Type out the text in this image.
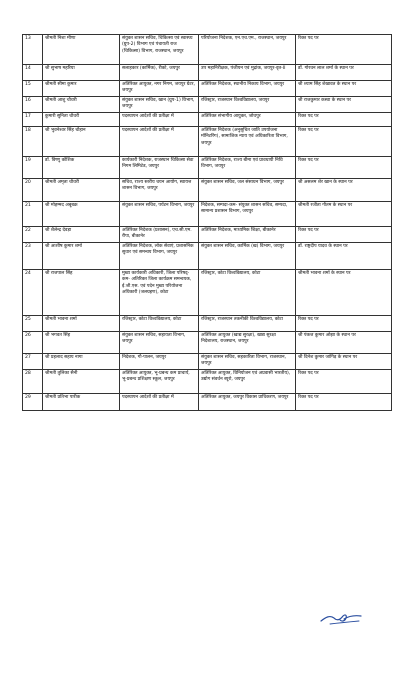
13	श्रीमती निशा मीणा	संयुक्त शासन सचिव, चिकित्सा एवं स्वास्थ्य (ग्रुप-2) विभाग एवं पंचायती राज (चिकित्सा) विभाग, राजस्थान, जयपुर	परियोजना निदेशक, एन.एच.एम., राजस्थान, जयपुर	रिक्त पद पर
14	श्री सुभाष महरिया	सलाहकार (कार्मिक), रीको, जयपुर	उप महानिरीक्षक, पंजीयन एवं मुद्रांक, जयपुर-वृत-II	डॉ. गोरधन लाल शर्मा के स्थान पर
15	श्रीमती सीमा कुमार	अतिरिक्त आयुक्त, नगर निगम, जयपुर ग्रेटर, जयपुर	अतिरिक्त निदेशक, स्थानीय निकाय विभाग, जयपुर	श्री श्याम सिंह शेखावत के स्थान पर
16	श्रीमती आशु चौधरी	संयुक्त शासन सचिव, खान (ग्रुप-1) विभाग, जयपुर	रजिस्ट्रार, राजस्थान विश्वविद्यालय, जयपुर	श्री राजकुमार कस्वा के स्थान पर
17	कुमारी सुनिता चौधरी	पदस्थापन आदेशों की प्रतीक्षा में	अतिरिक्त संभागीय आयुक्त, जोधपुर	रिक्त पद पर
18	श्री भुवनेश्वर सिंह चौहान	पदस्थापन आदेशों की प्रतीक्षा में	अतिरिक्त निदेशक (अनुसूचित जाति उपयोजना मॉनिटरिंग), सामाजिक न्याय एवं अधिकारिता विभाग, जयपुर	रिक्त पद पर
19	डॉ. विष्णु कौशिक	कार्यकारी निदेशक, राजस्थान चिकित्सा सेवा निगम लिमिटेड, जयपुर	अतिरिक्त निदेशक, राज्य बीमा एवं प्रावधायी निधि विभाग, जयपुर	रिक्त पद पर
20	श्रीमती अमृता चौधरी	सचिव, राज्य स्तरीय चयन आयोग, स्वायत्त शासन विभाग, जयपुर	संयुक्त शासन सचिव, जल संसाधन विभाग, जयपुर	श्री असलम शेर खान के स्थान पर
21	श्री मोहम्मद अबूबक्र	संयुक्त शासन सचिव, पर्यटन विभाग, जयपुर	निदेशक, सम्पदा-कम- संयुक्त शासन सचिव, सम्पदा, सामान्य प्रशासन विभाग, जयपुर	श्रीमती रजीता गौतम के स्थान पर
22	श्री शैलेन्द्र देवड़ा	अतिरिक्त निदेशक (प्रशासन), एच.सी.एम. रीपा, बीकानेर	अतिरिक्त निदेशक, माध्यमिक शिक्षा, बीकानेर	रिक्त पद पर
23	श्री आशीष कुमार शर्मा	अतिरिक्त निदेशक, लोक सेवाएं, प्रशासनिक सुधार एवं समन्वय विभाग, जयपुर	संयुक्त शासन सचिव, कार्मिक (ख) विभाग, जयपुर	डॉ. राष्ट्रदीप यादव के स्थान पर
24	श्री राजपाल सिंह	मुख्य कार्यकारी अधिकारी, जिला परिषद्-कम- अतिरिक्त जिला कार्यक्रम समन्वयक, ई.जी.एस. एवं पदेन मुख्य परियोजना अधिकारी (जलग्रहण), कोटा	रजिस्ट्रार, कोटा विश्वविद्यालय, कोटा	श्रीमती भावना शर्मा के स्थान पर
25	श्रीमती भावना शर्मा	रजिस्ट्रार, कोटा विश्वविद्यालय, कोटा	रजिस्ट्रार, राजस्थान तकनीकी विश्वविद्यालय, कोटा	रिक्त पद पर
26	श्री भगवत सिंह	संयुक्त शासन सचिव, सहायता विभाग, जयपुर	अतिरिक्त आयुक्त (खाद्य सुरक्षा), खाद्य सुरक्षा निदेशालय, राजस्थान, जयपुर	श्री पंकज कुमार ओझा के स्थान पर
27	श्री प्रहलाद सहाय नागा	निदेशक, गौ-पालन, जयपुर	संयुक्त शासन सचिव, सहकारिता विभाग, राजस्थान, जयपुर	श्री दिनेश कुमार जांगिड़ के स्थान पर
28	श्रीमती तुलिका सैनी	अतिरिक्त आयुक्त, भू-प्रबन्ध कम प्राचार्य, भू-प्रबन्ध प्रशिक्षण स्कूल, जयपुर	अतिरिक्त आयुक्त, विनियोजन एवं अप्रवासी भारतीय), उद्योग संवर्धन ब्यूरो, जयपुर	रिक्त पद पर
29	श्रीमती प्रतिभा पारीक	पदस्थापन आदेशों की प्रतीक्षा में	अतिरिक्त आयुक्त, जयपुर विकास प्राधिकरण, जयपुर	रिक्त पद पर
